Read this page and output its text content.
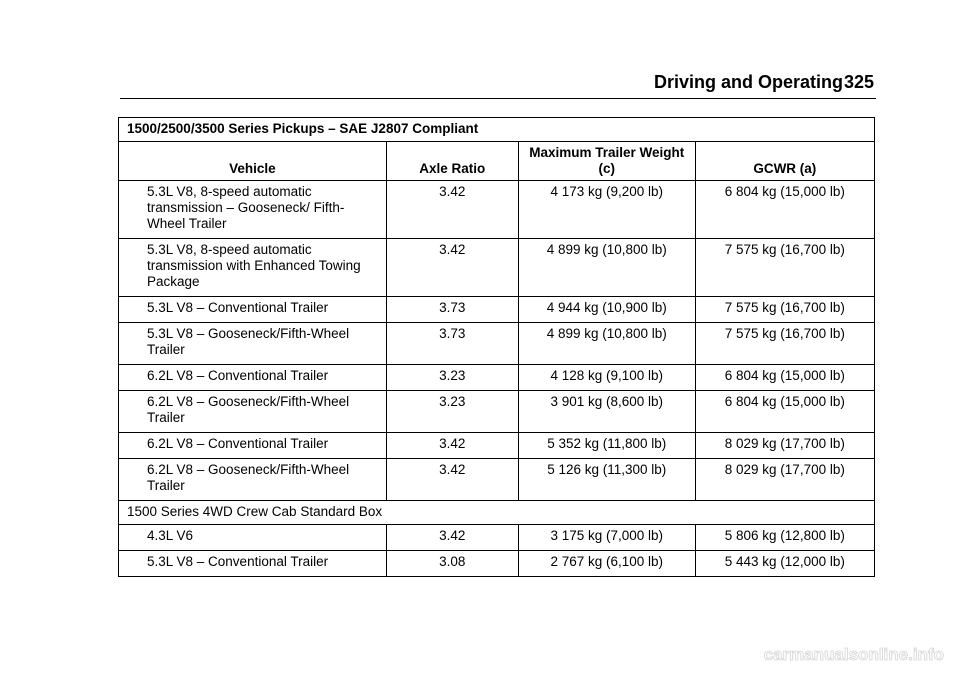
Driving and Operating 325
1500/2500/3500 Series Pickups – SAE J2807 Compliant			
Vehicle	Axle Ratio	Maximum Trailer Weight (c)	GCWR (a)
5.3L V8, 8-speed automatic transmission – Gooseneck/ Fifth-Wheel Trailer	3.42	4 173 kg (9,200 lb)	6 804 kg (15,000 lb)
5.3L V8, 8-speed automatic transmission with Enhanced Towing Package	3.42	4 899 kg (10,800 lb)	7 575 kg (16,700 lb)
5.3L V8 – Conventional Trailer	3.73	4 944 kg (10,900 lb)	7 575 kg (16,700 lb)
5.3L V8 – Gooseneck/Fifth-Wheel Trailer	3.73	4 899 kg (10,800 lb)	7 575 kg (16,700 lb)
6.2L V8 – Conventional Trailer	3.23	4 128 kg (9,100 lb)	6 804 kg (15,000 lb)
6.2L V8 – Gooseneck/Fifth-Wheel Trailer	3.23	3 901 kg (8,600 lb)	6 804 kg (15,000 lb)
6.2L V8 – Conventional Trailer	3.42	5 352 kg (11,800 lb)	8 029 kg (17,700 lb)
6.2L V8 – Gooseneck/Fifth-Wheel Trailer	3.42	5 126 kg (11,300 lb)	8 029 kg (17,700 lb)
1500 Series 4WD Crew Cab Standard Box			
4.3L V6	3.42	3 175 kg (7,000 lb)	5 806 kg (12,800 lb)
5.3L V8 – Conventional Trailer	3.08	2 767 kg (6,100 lb)	5 443 kg (12,000 lb)
carmanualsonline.info
